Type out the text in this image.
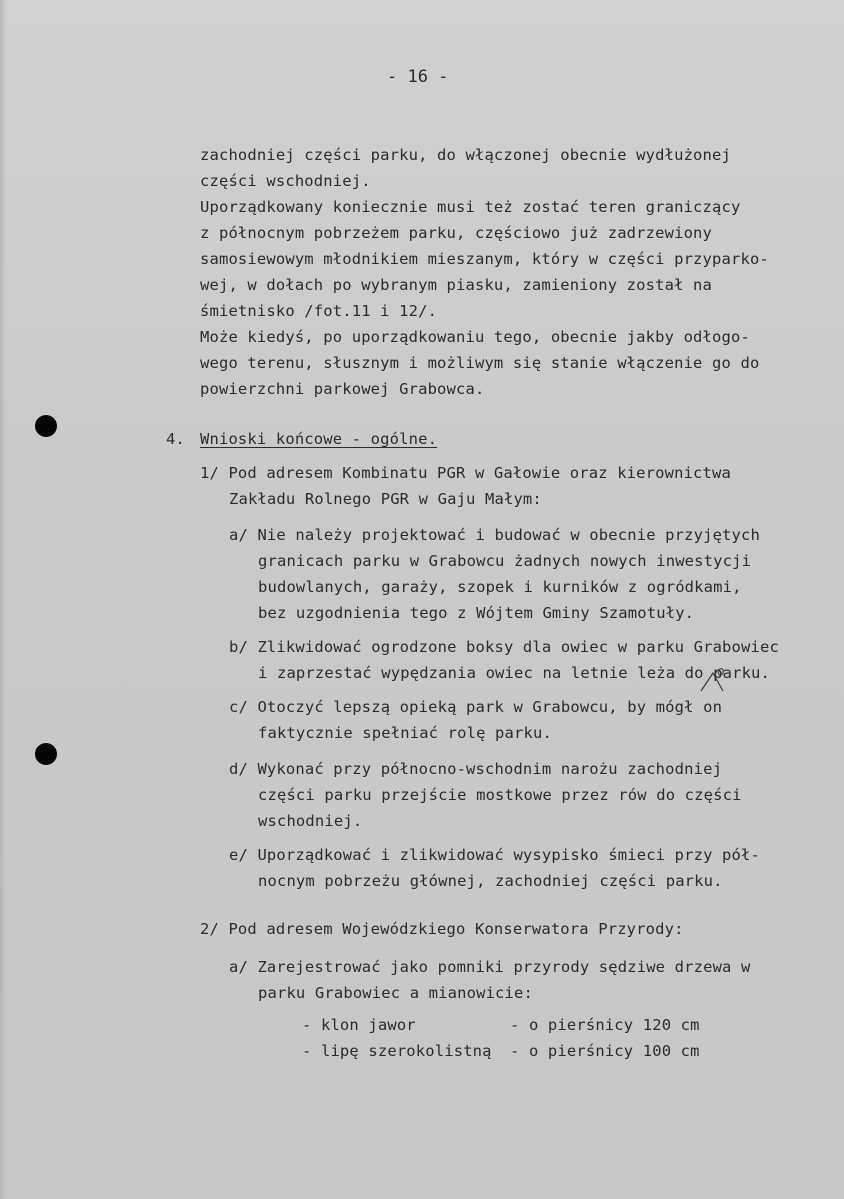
- 16 -
zachodniej części parku, do włączonej obecnie wydłużonej
części wschodniej.
Uporządkowany koniecznie musi też zostać teren graniczący
z północnym pobrzeżem parku, częściowo już zadrzewiony
samosiewowym młodnikiem mieszanym, który w części przyparko-
wej, w dołach po wybranym piasku, zamieniony został na
śmietnisko /fot.11 i 12/.
Może kiedyś, po uporządkowaniu tego, obecnie jakby odłogo-
wego terenu, słusznym i możliwym się stanie włączenie go do
powierzchni parkowej Grabowca.
4. Wnioski końcowe - ogólne.
1/ Pod adresem Kombinatu PGR w Gałowie oraz kierownictwa
Zakładu Rolnego PGR w Gaju Małym:
a/ Nie należy projektować i budować w obecnie przyjętych
granicach parku w Grabowcu żadnych nowych inwestycji
budowlanych, garaży, szopek i kurników z ogródkami,
bez uzgodnienia tego z Wójtem Gminy Szamotuły.
b/ Zlikwidować ogrodzone boksy dla owiec w parku Grabowiec
i zaprzestać wypędzania owiec na letnie leża do parku.
c/ Otoczyć lepszą opieką park w Grabowcu, by mógł on
faktycznie spełniać rolę parku.
d/ Wykonać przy północno-wschodnim narożu zachodniej
części parku przejście mostkowe przez rów do części
wschodniej.
e/ Uporządkować i zlikwidować wysypisko śmieci przy pół-
nocnym pobrzeżu głównej, zachodniej części parku.
2/ Pod adresem Wojewódzkiego Konserwatora Przyrody:
a/ Zarejestrować jako pomniki przyrody sędziwe drzewa w
parku Grabowiec a mianowicie:
- klon jawor	- o pierśnicy 120 cm
- lipę szerokolistną - o pierśnicy 100 cm
